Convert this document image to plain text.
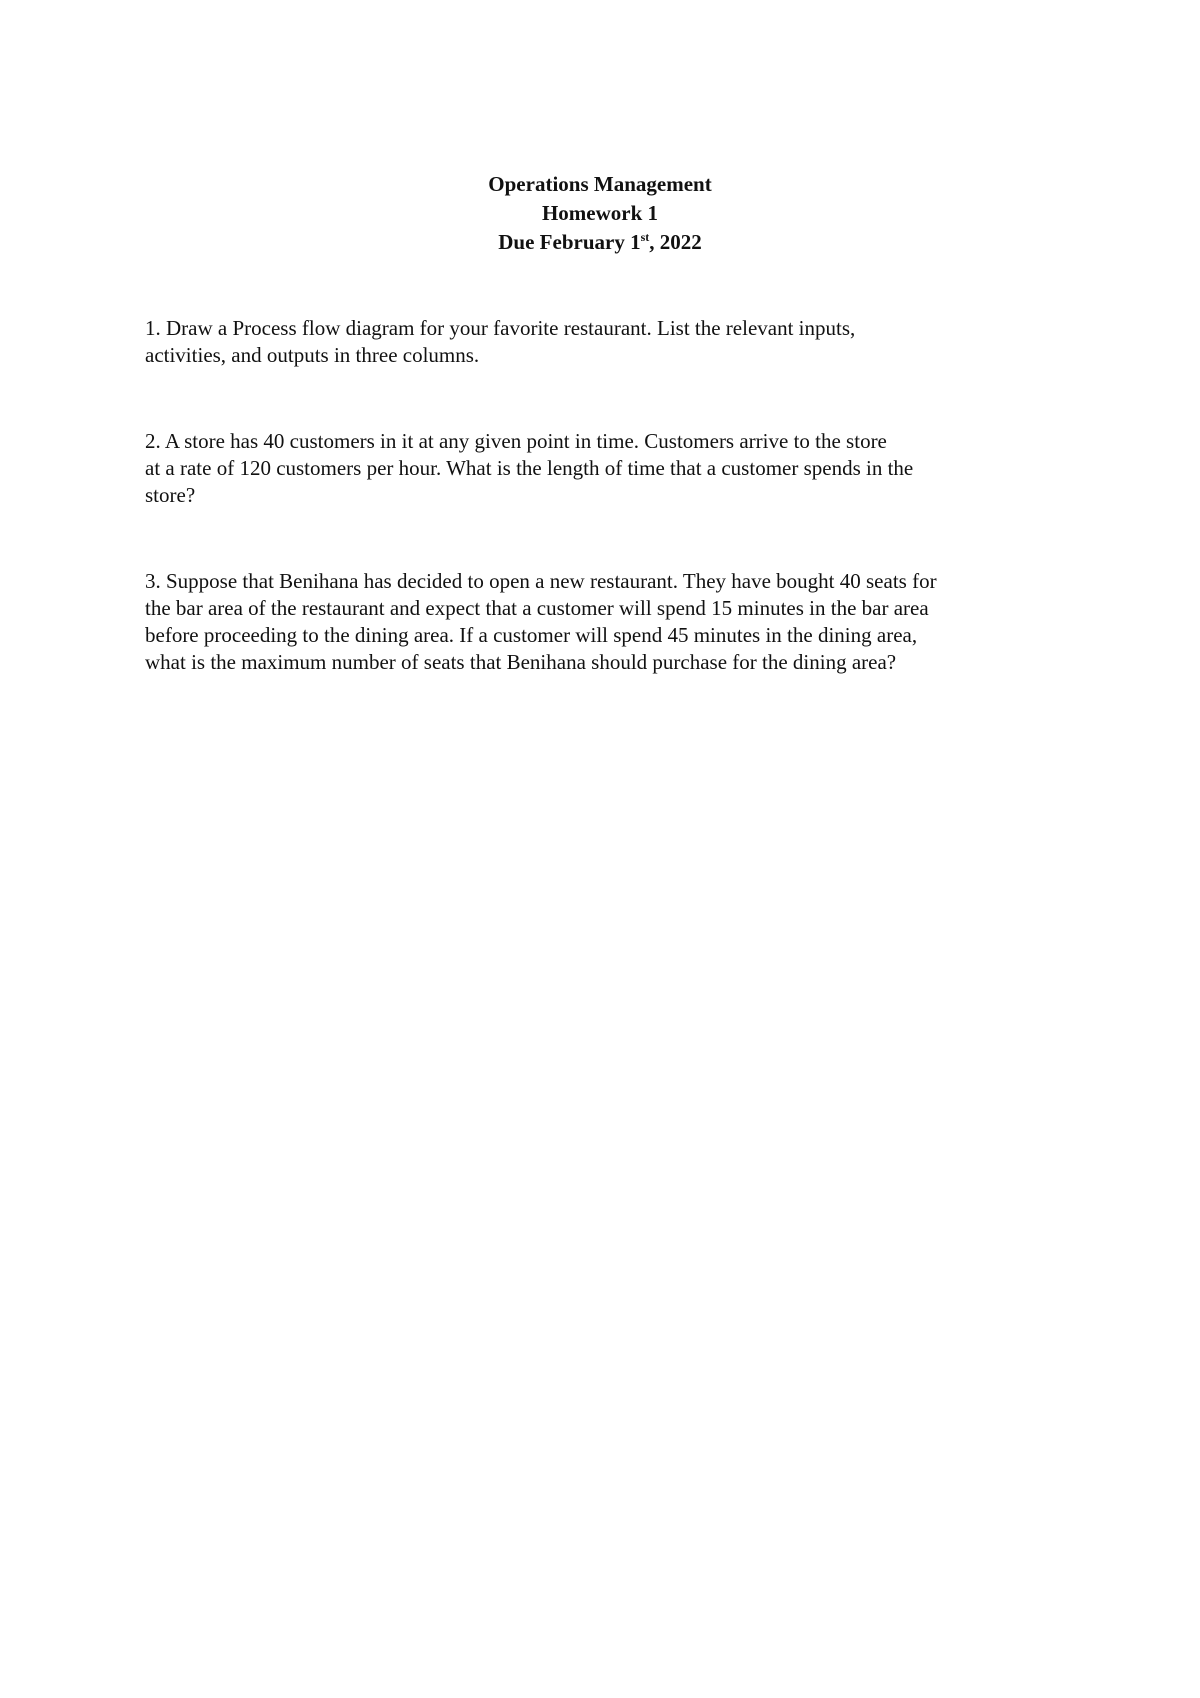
Operations Management
Homework 1
Due February 1st, 2022

1. Draw a Process flow diagram for your favorite restaurant. List the relevant inputs,
activities, and outputs in three columns.

2. A store has 40 customers in it at any given point in time. Customers arrive to the store
at a rate of 120 customers per hour. What is the length of time that a customer spends in the
store?

3. Suppose that Benihana has decided to open a new restaurant. They have bought 40 seats for
the bar area of the restaurant and expect that a customer will spend 15 minutes in the bar area
before proceeding to the dining area. If a customer will spend 45 minutes in the dining area,
what is the maximum number of seats that Benihana should purchase for the dining area?
